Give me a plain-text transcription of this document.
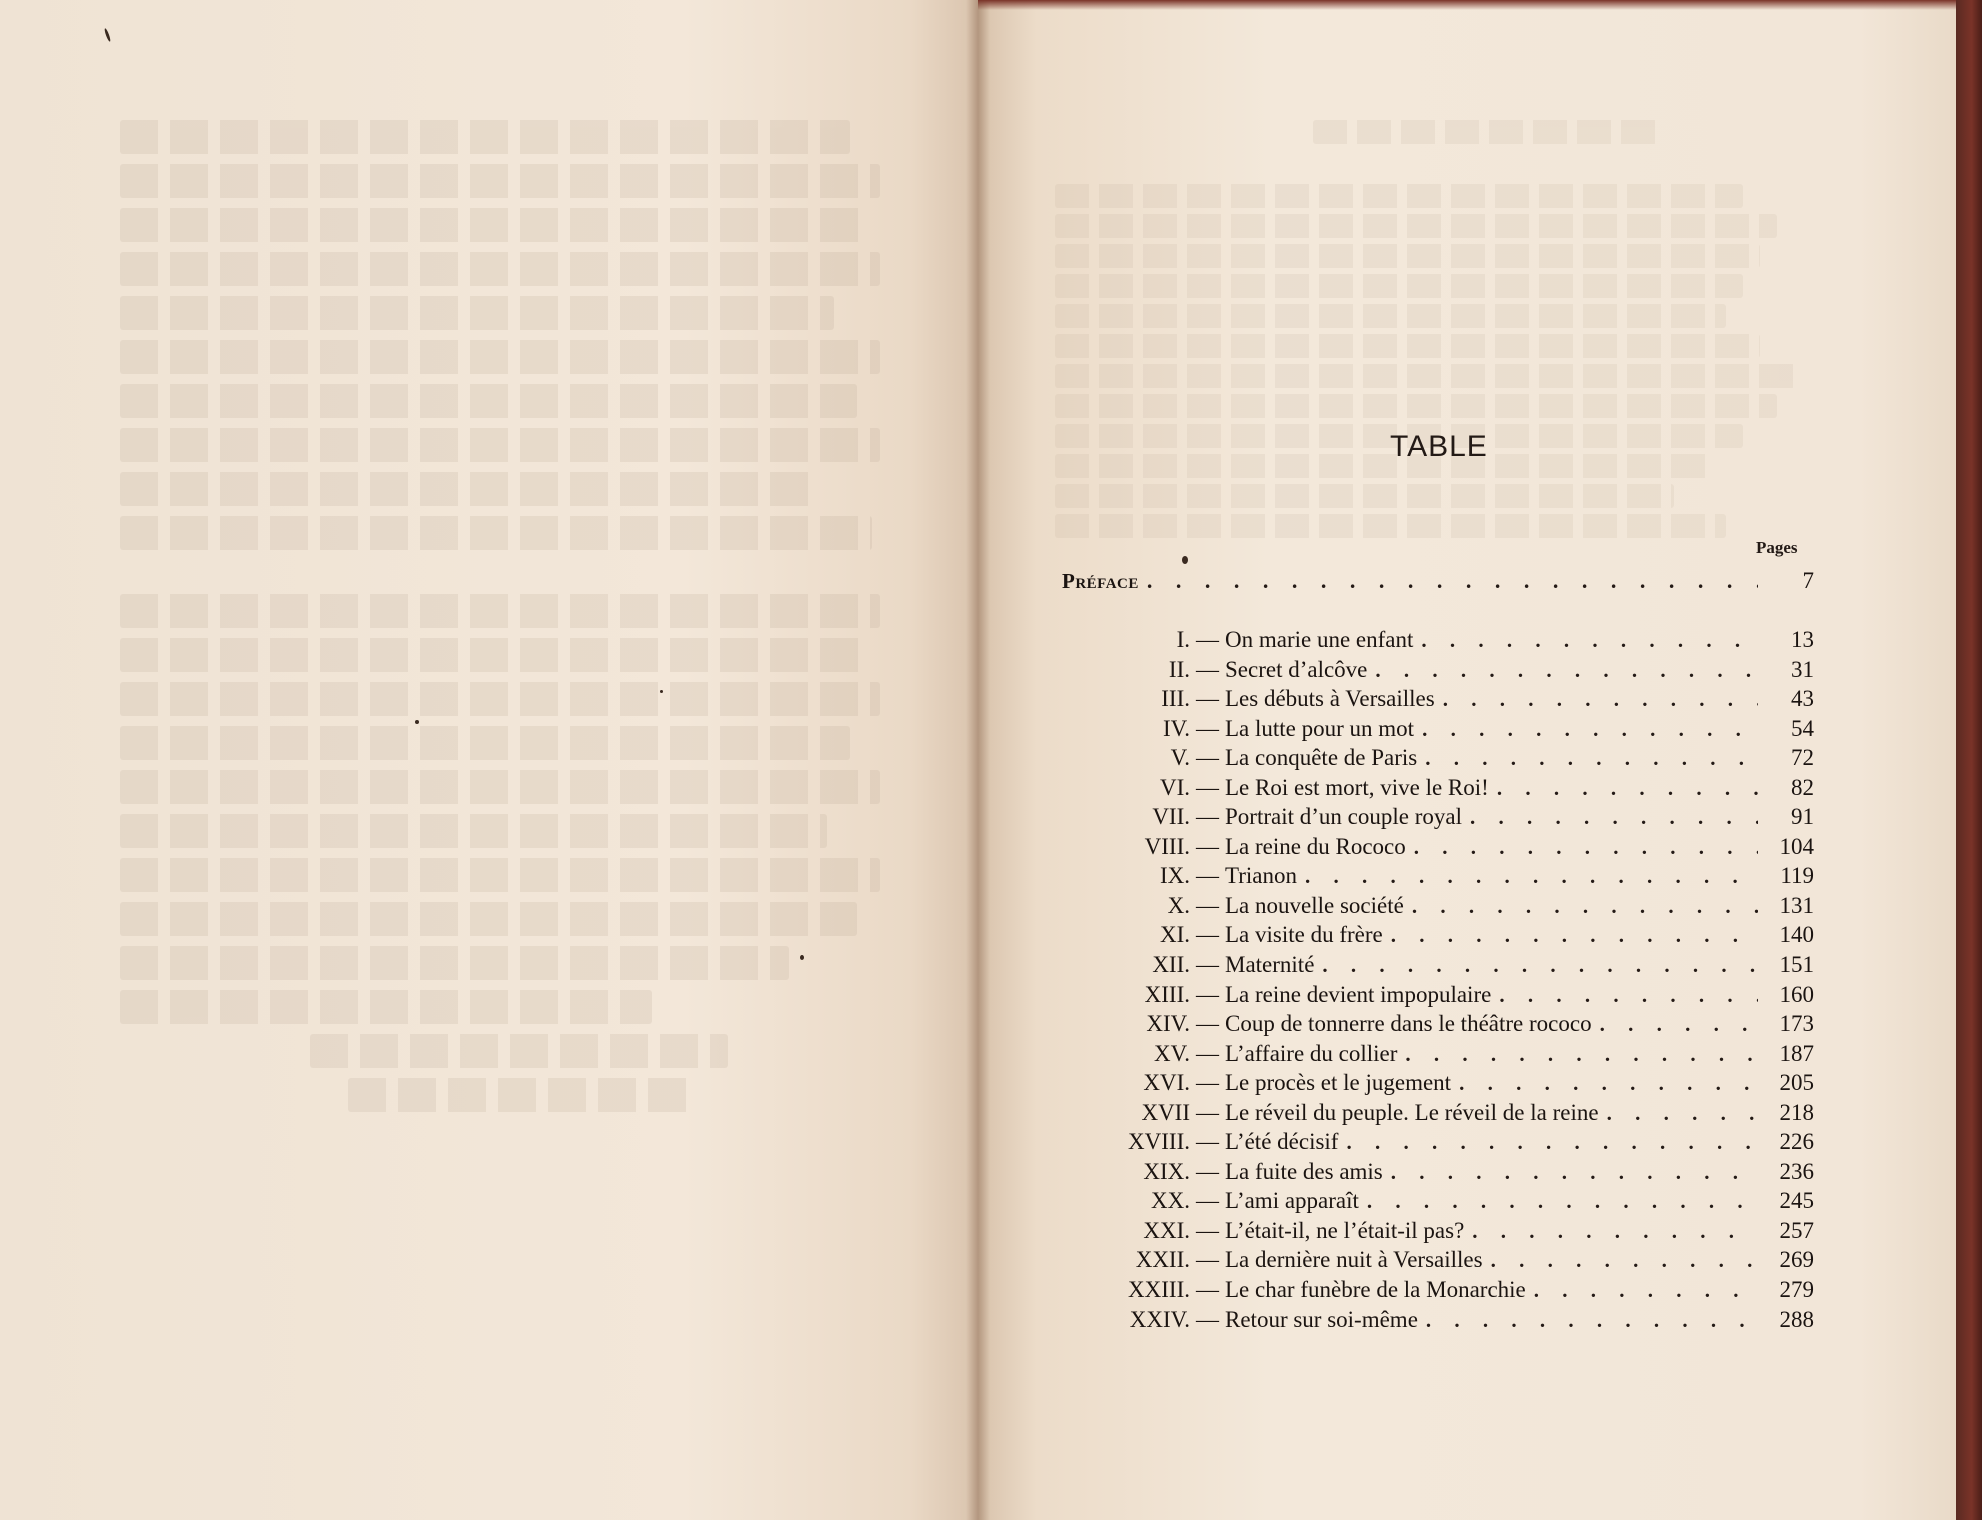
Pages
Préface . . .	7
I. — On marie une enfant . . .	13
II. — Secret d’alcôve . . .	31
III. — Les débuts à Versailles . . .	43
IV. — La lutte pour un mot . . .	54
V. — La conquête de Paris . . .	72
VI. — Le Roi est mort, vive le Roi! . . .	82
VII. — Portrait d’un couple royal . . .	91
VIII. — La reine du Rococo . . .	104
IX. — Trianon . . .	119
X. — La nouvelle société . . .	131
XI. — La visite du frère . . .	140
XII. — Maternité . . .	151
XIII. — La reine devient impopulaire . . .	160
XIV. — Coup de tonnerre dans le théâtre rococo . . .	173
XV. — L’affaire du collier . . .	187
XVI. — Le procès et le jugement . . .	205
XVII — Le réveil du peuple. Le réveil de la reine . . .	218
XVIII. — L’été décisif . . .	226
XIX. — La fuite des amis . . .	236
XX. — L’ami apparaît . . .	245
XXI. — L’était-il, ne l’était-il pas? . . .	257
XXII. — La dernière nuit à Versailles . . .	269
XXIII. — Le char funèbre de la Monarchie . . .	279
XXIV. — Retour sur soi-même . . .	288
